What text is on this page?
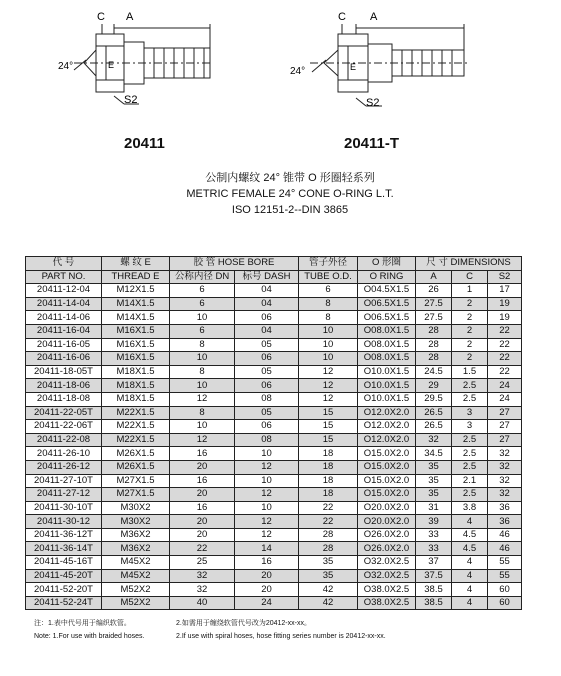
C A
24°	E
S2
C A
24°	E
S2
20411	20411-T
公制内螺纹 24° 锥带 O 形圈轻系列
METRIC FEMALE 24° CONE O-RING L.T.
ISO 12151-2--DIN 3865
代 号	螺 纹 E	胶 管 HOSE BORE		管子外径	O 形圈	尺 寸 DIMENSIONS		
PART NO.	THREAD E	公称内径 DN	标号 DASH	TUBE O.D.	O RING	A	C	S2
20411-12-04	M12X1.5	6	04	6	O04.5X1.5	26	1	17
20411-14-04	M14X1.5	6	04	8	O06.5X1.5	27.5	2	19
20411-14-06	M14X1.5	10	06	8	O06.5X1.5	27.5	2	19
20411-16-04	M16X1.5	6	04	10	O08.0X1.5	28	2	22
20411-16-05	M16X1.5	8	05	10	O08.0X1.5	28	2	22
20411-16-06	M16X1.5	10	06	10	O08.0X1.5	28	2	22
20411-18-05T	M18X1.5	8	05	12	O10.0X1.5	24.5	1.5	22
20411-18-06	M18X1.5	10	06	12	O10.0X1.5	29	2.5	24
20411-18-08	M18X1.5	12	08	12	O10.0X1.5	29.5	2.5	24
20411-22-05T	M22X1.5	8	05	15	O12.0X2.0	26.5	3	27
20411-22-06T	M22X1.5	10	06	15	O12.0X2.0	26.5	3	27
20411-22-08	M22X1.5	12	08	15	O12.0X2.0	32	2.5	27
20411-26-10	M26X1.5	16	10	18	O15.0X2.0	34.5	2.5	32
20411-26-12	M26X1.5	20	12	18	O15.0X2.0	35	2.5	32
20411-27-10T	M27X1.5	16	10	18	O15.0X2.0	35	2.1	32
20411-27-12	M27X1.5	20	12	18	O15.0X2.0	35	2.5	32
20411-30-10T	M30X2	16	10	22	O20.0X2.0	31	3.8	36
20411-30-12	M30X2	20	12	22	O20.0X2.0	39	4	36
20411-36-12T	M36X2	20	12	28	O26.0X2.0	33	4.5	46
20411-36-14T	M36X2	22	14	28	O26.0X2.0	33	4.5	46
20411-45-16T	M45X2	25	16	35	O32.0X2.5	37	4	55
20411-45-20T	M45X2	32	20	35	O32.0X2.5	37.5	4	55
20411-52-20T	M52X2	32	20	42	O38.0X2.5	38.5	4	60
20411-52-24T	M52X2	40	24	42	O38.0X2.5	38.5	4	60
注：1.表中代号用于编织软管。	2.如需用于缠绕软管代号改为20412-xx-xx。
Note: 1.For use with braided hoses.	2.If use with spiral hoses, hose fitting series number is 20412-xx-xx.
